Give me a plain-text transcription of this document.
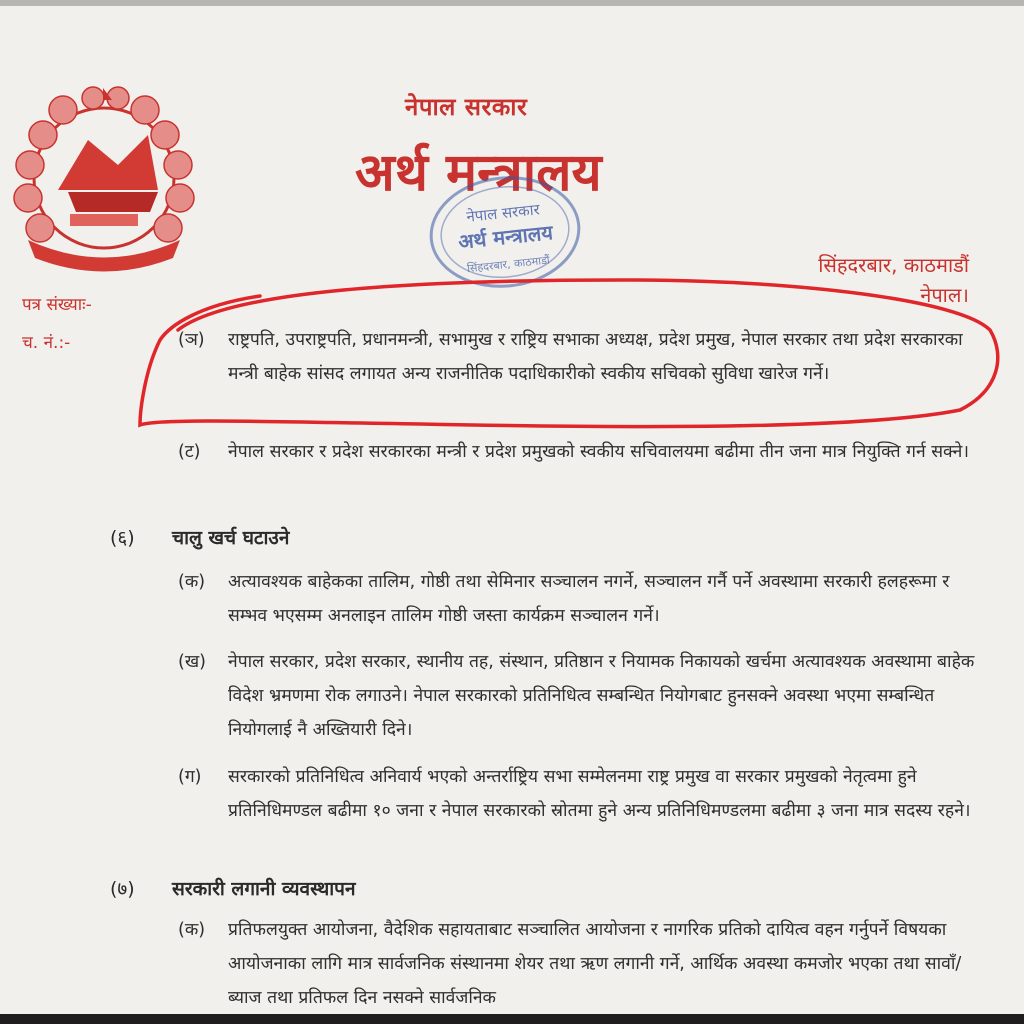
नेपाल सरकार
अर्थ मन्त्रालय
नेपाल सरकार
अर्थ मन्त्रालय
सिंहदरबार, काठमाडौं	सिंहदरबार, काठमाडौं
नेपाल।
पत्र संख्याः-
च. नं.:-	(ञ)	राष्ट्रपति, उपराष्ट्रपति, प्रधानमन्त्री, सभामुख र राष्ट्रिय सभाका अध्यक्ष, प्रदेश प्रमुख, नेपाल सरकार तथा प्रदेश सरकारका मन्त्री बाहेक सांसद लगायत अन्य राजनीतिक पदाधिकारीको स्वकीय सचिवको सुविधा खारेज गर्ने।
(ट)	नेपाल सरकार र प्रदेश सरकारका मन्त्री र प्रदेश प्रमुखको स्वकीय सचिवालयमा बढीमा तीन जना मात्र नियुक्ति गर्न सक्ने।
(६) चालु खर्च घटाउने
(क)	अत्यावश्यक बाहेकका तालिम, गोष्ठी तथा सेमिनार सञ्चालन नगर्ने, सञ्चालन गर्नै पर्ने अवस्थामा सरकारी हलहरूमा र सम्भव भएसम्म अनलाइन तालिम गोष्ठी जस्ता कार्यक्रम सञ्चालन गर्ने।
(ख)	नेपाल सरकार, प्रदेश सरकार, स्थानीय तह, संस्थान, प्रतिष्ठान र नियामक निकायको खर्चमा अत्यावश्यक अवस्थामा बाहेक विदेश भ्रमणमा रोक लगाउने। नेपाल सरकारको प्रतिनिधित्व सम्बन्धित नियोगबाट हुनसक्ने अवस्था भएमा सम्बन्धित नियोगलाई नै अख्तियारी दिने।
(ग)	सरकारको प्रतिनिधित्व अनिवार्य भएको अन्तर्राष्ट्रिय सभा सम्मेलनमा राष्ट्र प्रमुख वा सरकार प्रमुखको नेतृत्वमा हुने प्रतिनिधिमण्डल बढीमा १० जना र नेपाल सरकारको स्रोतमा हुने अन्य प्रतिनिधिमण्डलमा बढीमा ३ जना मात्र सदस्य रहने।
(७) सरकारी लगानी व्यवस्थापन
(क)	प्रतिफलयुक्त आयोजना, वैदेशिक सहायताबाट सञ्चालित आयोजना र नागरिक प्रतिको दायित्व वहन गर्नुपर्ने विषयका आयोजनाका लागि मात्र सार्वजनिक संस्थानमा शेयर तथा ऋण लगानी गर्ने, आर्थिक अवस्था कमजोर भएका तथा सावाँ/ब्याज तथा प्रतिफल दिन नसक्ने सार्वजनिक
